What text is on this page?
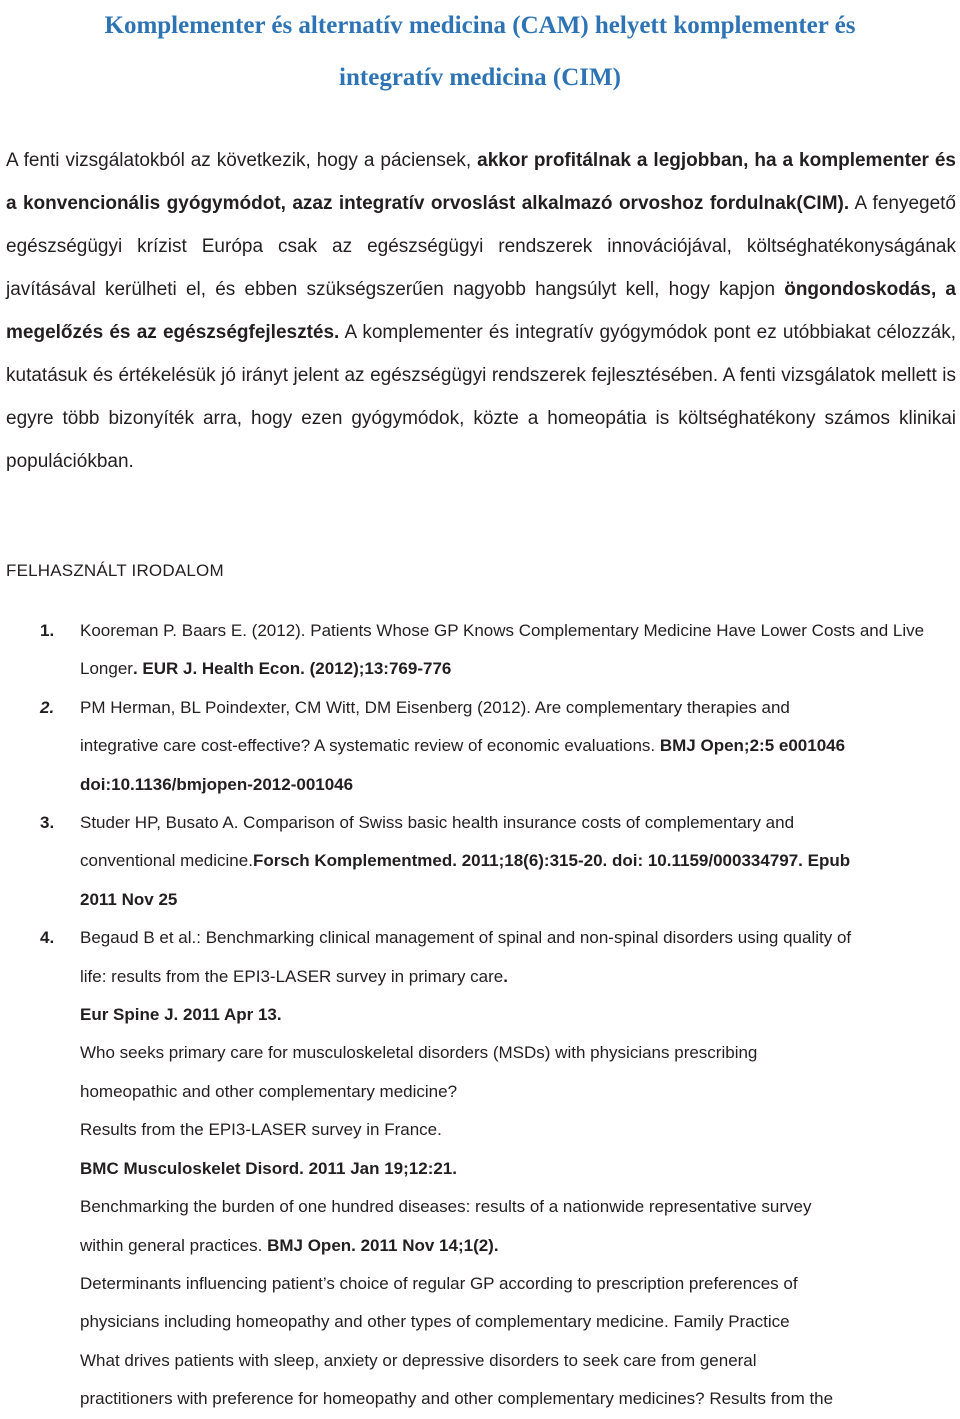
Komplementer és alternatív medicina (CAM) helyett komplementer és
integratív medicina (CIM)

A fenti vizsgálatokból az következik, hogy a páciensek, akkor profitálnak a legjobban, ha a komplementer és a konvencionális gyógymódot, azaz integratív orvoslást alkalmazó orvoshoz fordulnak(CIM). A fenyegető egészségügyi krízist Európa csak az egészségügyi rendszerek innovációjával, költséghatékonyságának javításával kerülheti el, és ebben szükségszerűen nagyobb hangsúlyt kell, hogy kapjon öngondoskodás, a megelőzés és az egészségfejlesztés. A komplementer és integratív gyógymódok pont ez utóbbiakat célozzák, kutatásuk és értékelésük jó irányt jelent az egészségügyi rendszerek fejlesztésében. A fenti vizsgálatok mellett is egyre több bizonyíték arra, hogy ezen gyógymódok, közte a homeopátia is költséghatékony számos klinikai populációkban.

FELHASZNÁLT IRODALOM
1. Kooreman P. Baars E. (2012). Patients Whose GP Knows Complementary Medicine Have Lower Costs and Live Longer. EUR J. Health Econ. (2012);13:769-776
2. PM Herman, BL Poindexter, CM Witt, DM Eisenberg (2012). Are complementary therapies and
integrative care cost-effective? A systematic review of economic evaluations. BMJ Open;2:5 e001046
doi:10.1136/bmjopen-2012-001046
3. Studer HP, Busato A. Comparison of Swiss basic health insurance costs of complementary and
conventional medicine.Forsch Komplementmed. 2011;18(6):315-20. doi: 10.1159/000334797. Epub
2011 Nov 25
4. Begaud B et al.: Benchmarking clinical management of spinal and non-spinal disorders using quality of
life: results from the EPI3-LASER survey in primary care.
Eur Spine J. 2011 Apr 13.
Who seeks primary care for musculoskeletal disorders (MSDs) with physicians prescribing
homeopathic and other complementary medicine?
Results from the EPI3-LASER survey in France.
BMC Musculoskelet Disord. 2011 Jan 19;12:21.
Benchmarking the burden of one hundred diseases: results of a nationwide representative survey
within general practices. BMJ Open. 2011 Nov 14;1(2).
Determinants influencing patient’s choice of regular GP according to prescription preferences of
physicians including homeopathy and other types of complementary medicine. Family Practice
What drives patients with sleep, anxiety or depressive disorders to seek care from general
practitioners with preference for homeopathy and other complementary medicines? Results from the
